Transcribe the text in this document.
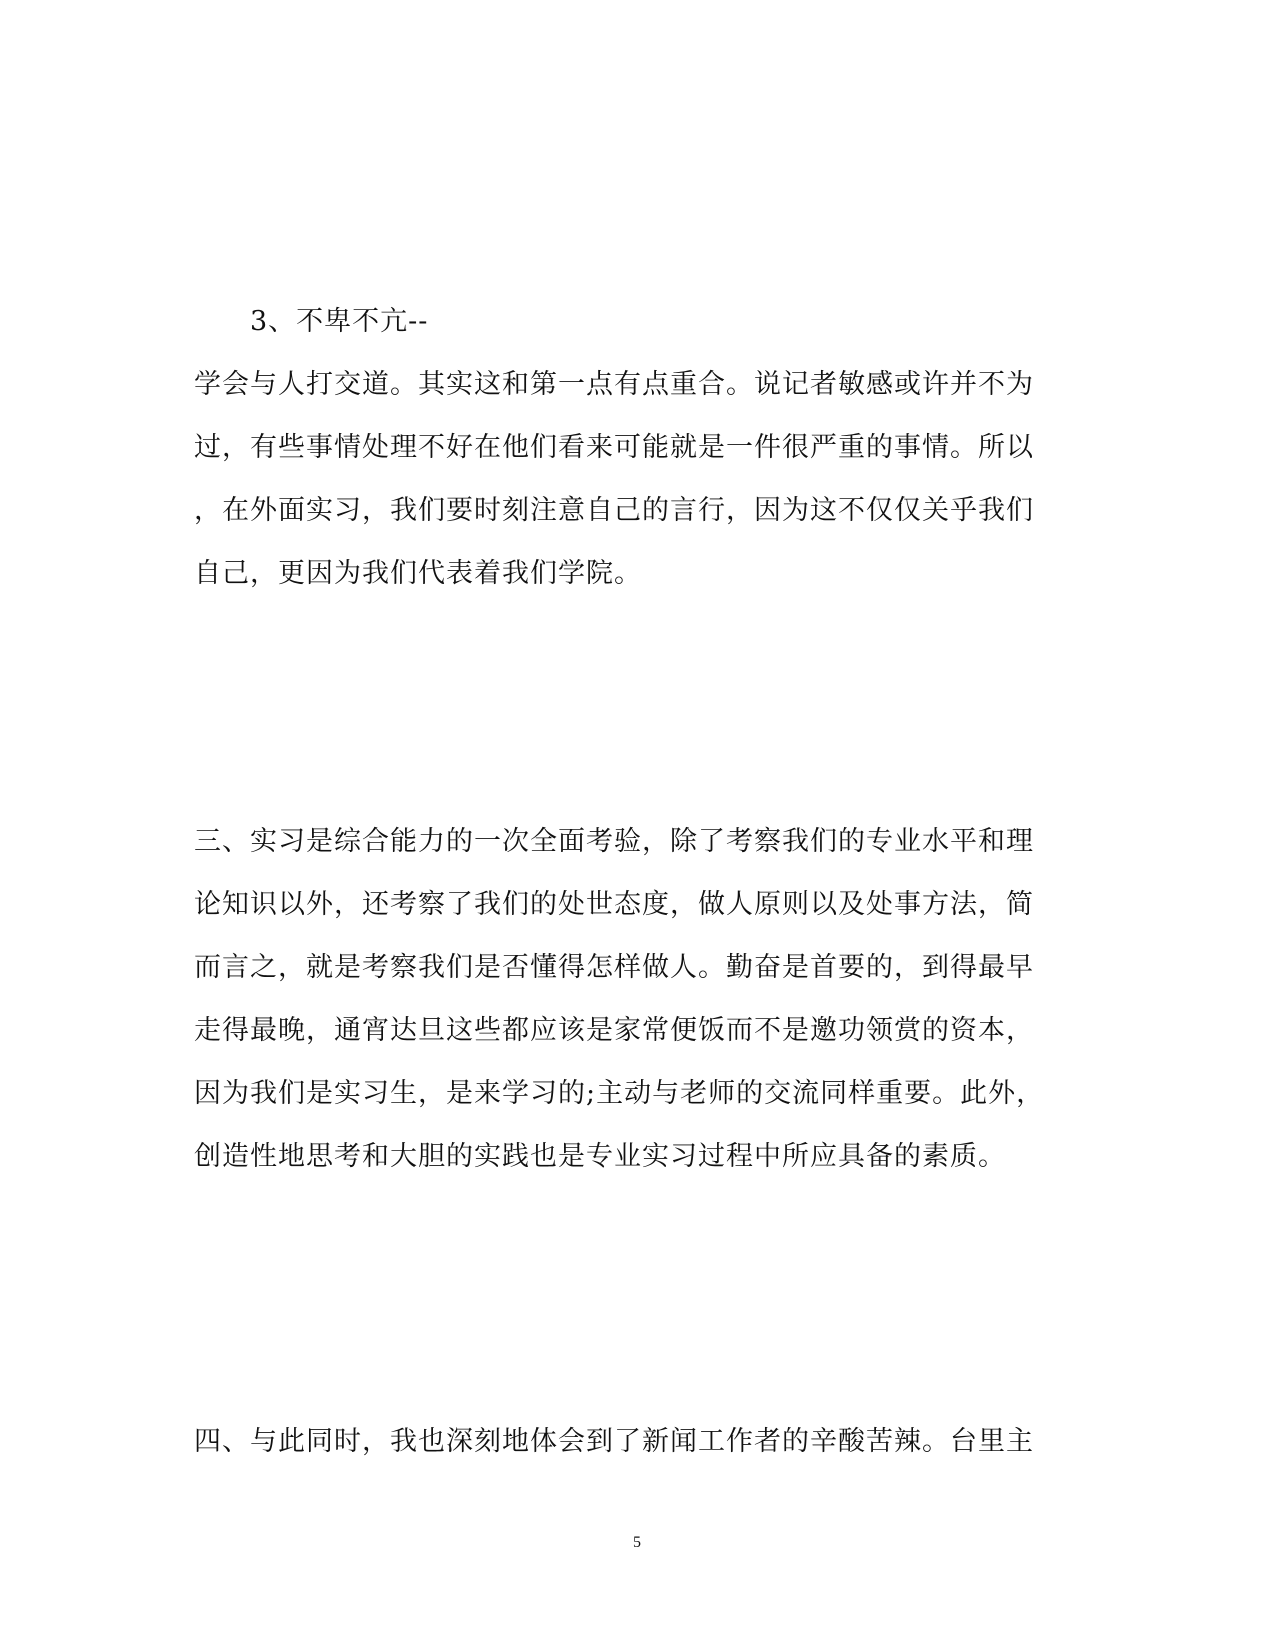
3、不卑不亢--
学会与人打交道。其实这和第一点有点重合。说记者敏感或许并不为
过，有些事情处理不好在他们看来可能就是一件很严重的事情。所以
，在外面实习，我们要时刻注意自己的言行，因为这不仅仅关乎我们
自己，更因为我们代表着我们学院。
三、实习是综合能力的一次全面考验，除了考察我们的专业水平和理
论知识以外，还考察了我们的处世态度，做人原则以及处事方法，简
而言之，就是考察我们是否懂得怎样做人。勤奋是首要的，到得最早
走得最晚，通宵达旦这些都应该是家常便饭而不是邀功领赏的资本，
因为我们是实习生，是来学习的;主动与老师的交流同样重要。此外，
创造性地思考和大胆的实践也是专业实习过程中所应具备的素质。
四、与此同时，我也深刻地体会到了新闻工作者的辛酸苦辣。台里主
5
